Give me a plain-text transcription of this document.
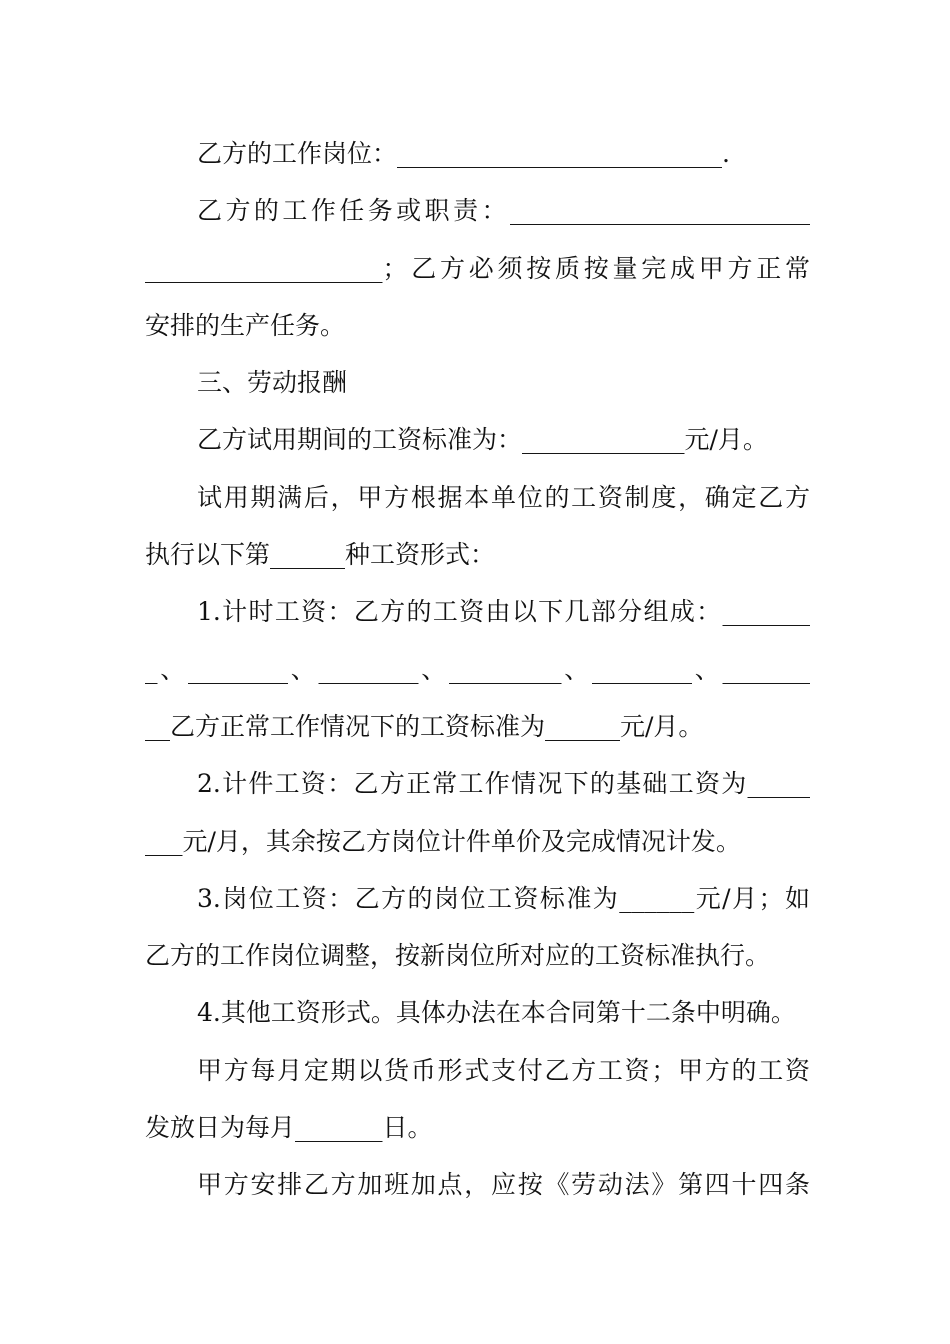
乙方的工作岗位：__________________________.
乙方的工作任务或职责：________________________
___________________；乙方必须按质按量完成甲方正常
安排的生产任务。
三、劳动报酬
乙方试用期间的工资标准为：_____________元/月。
试用期满后，甲方根据本单位的工资制度，确定乙方
执行以下第______种工资形式：
1.计时工资：乙方的工资由以下几部分组成：_______
_、________、________、_________、________、_______
__乙方正常工作情况下的工资标准为______元/月。
2.计件工资：乙方正常工作情况下的基础工资为_____
___元/月，其余按乙方岗位计件单价及完成情况计发。
3.岗位工资：乙方的岗位工资标准为______元/月；如
乙方的工作岗位调整，按新岗位所对应的工资标准执行。
4.其他工资形式。具体办法在本合同第十二条中明确。
甲方每月定期以货币形式支付乙方工资；甲方的工资
发放日为每月_______日。
甲方安排乙方加班加点，应按《劳动法》第四十四条
